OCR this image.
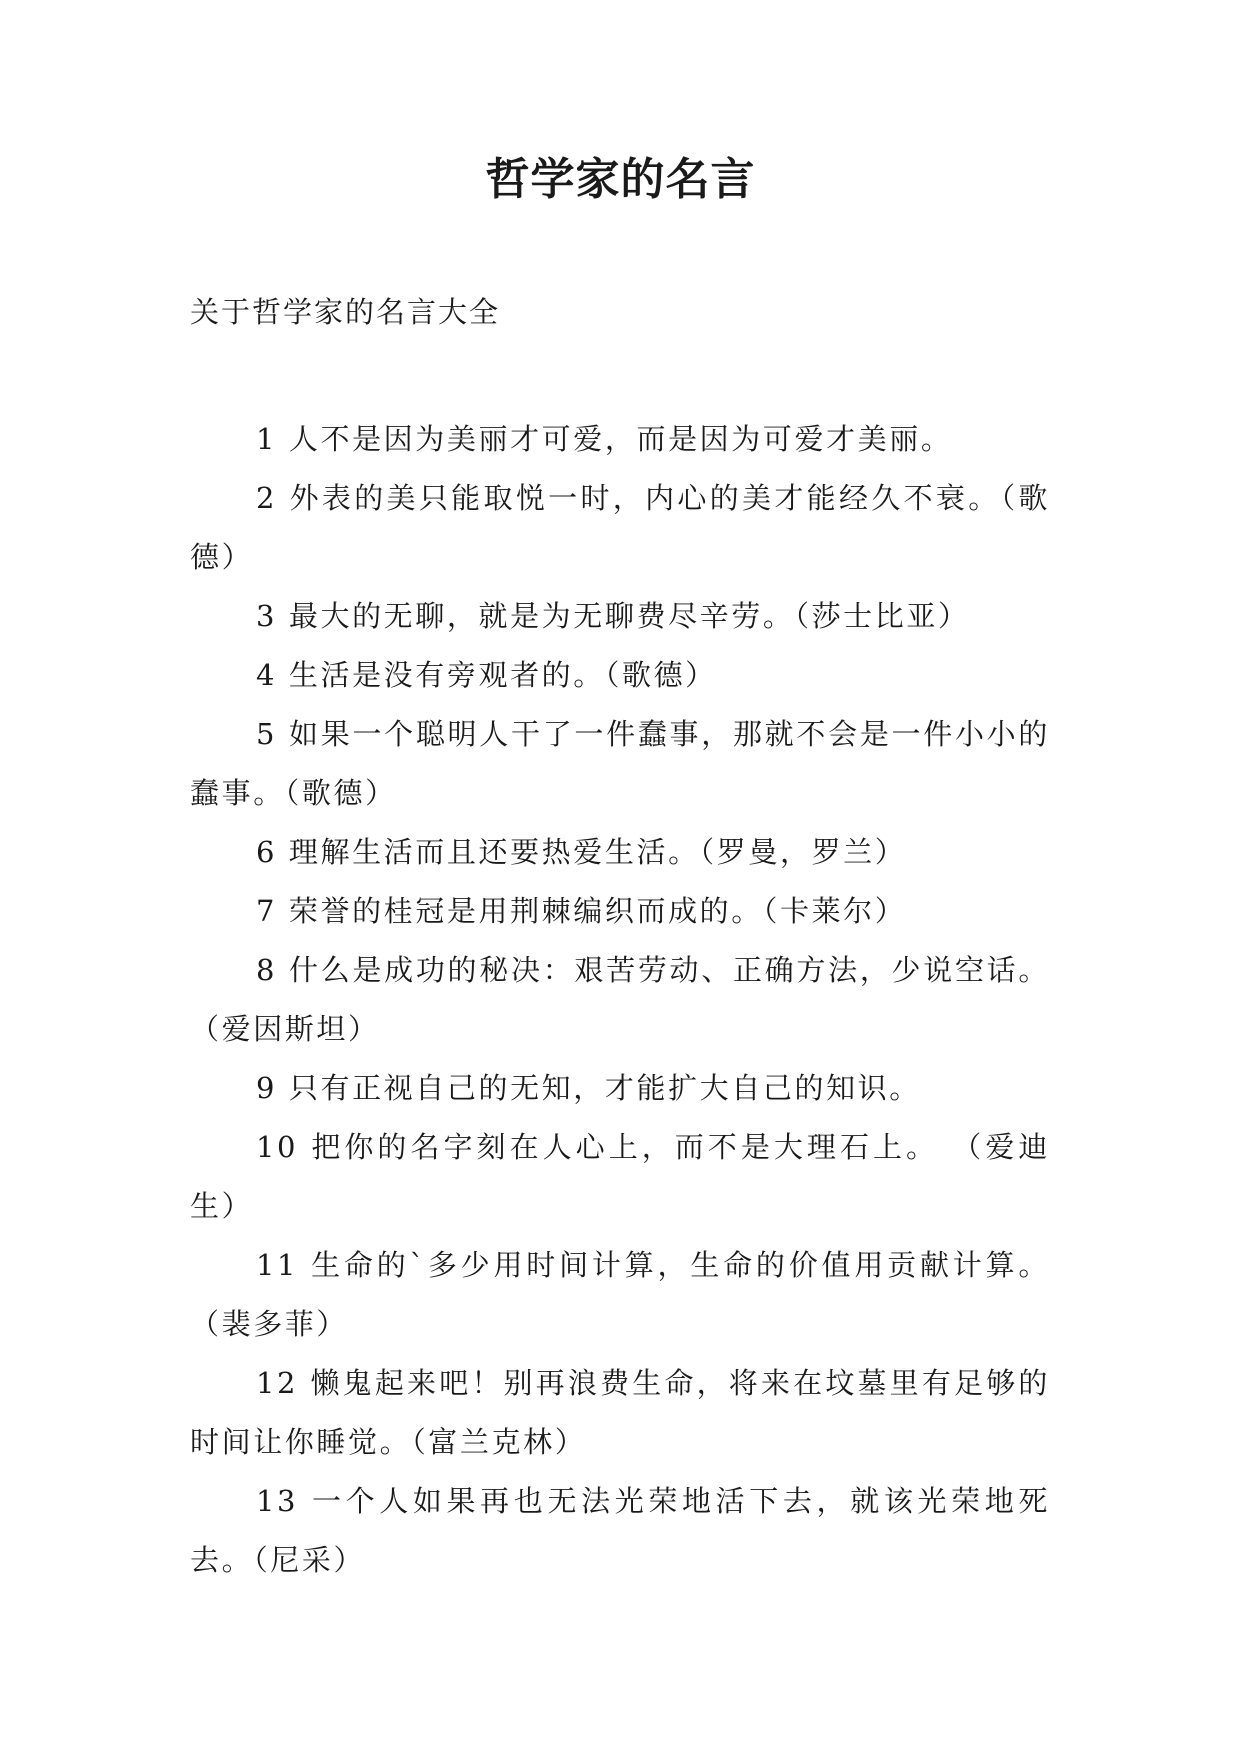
哲学家的名言

关于哲学家的名言大全

1 人不是因为美丽才可爱，而是因为可爱才美丽。
2 外表的美只能取悦一时，内心的美才能经久不衰。（歌德）
3 最大的无聊，就是为无聊费尽辛劳。（莎士比亚）
4 生活是没有旁观者的。（歌德）
5 如果一个聪明人干了一件蠢事，那就不会是一件小小的蠢事。（歌德）
6 理解生活而且还要热爱生活。（罗曼，罗兰）
7 荣誉的桂冠是用荆棘编织而成的。（卡莱尔）
8 什么是成功的秘决：艰苦劳动、正确方法，少说空话。（爱因斯坦）
9 只有正视自己的无知，才能扩大自己的知识。
10 把你的名字刻在人心上，而不是大理石上。 （爱迪生）
11 生命的`多少用时间计算，生命的价值用贡献计算。（裴多菲）
12 懒鬼起来吧！别再浪费生命，将来在坟墓里有足够的时间让你睡觉。（富兰克林）
13 一个人如果再也无法光荣地活下去，就该光荣地死去。（尼采）
